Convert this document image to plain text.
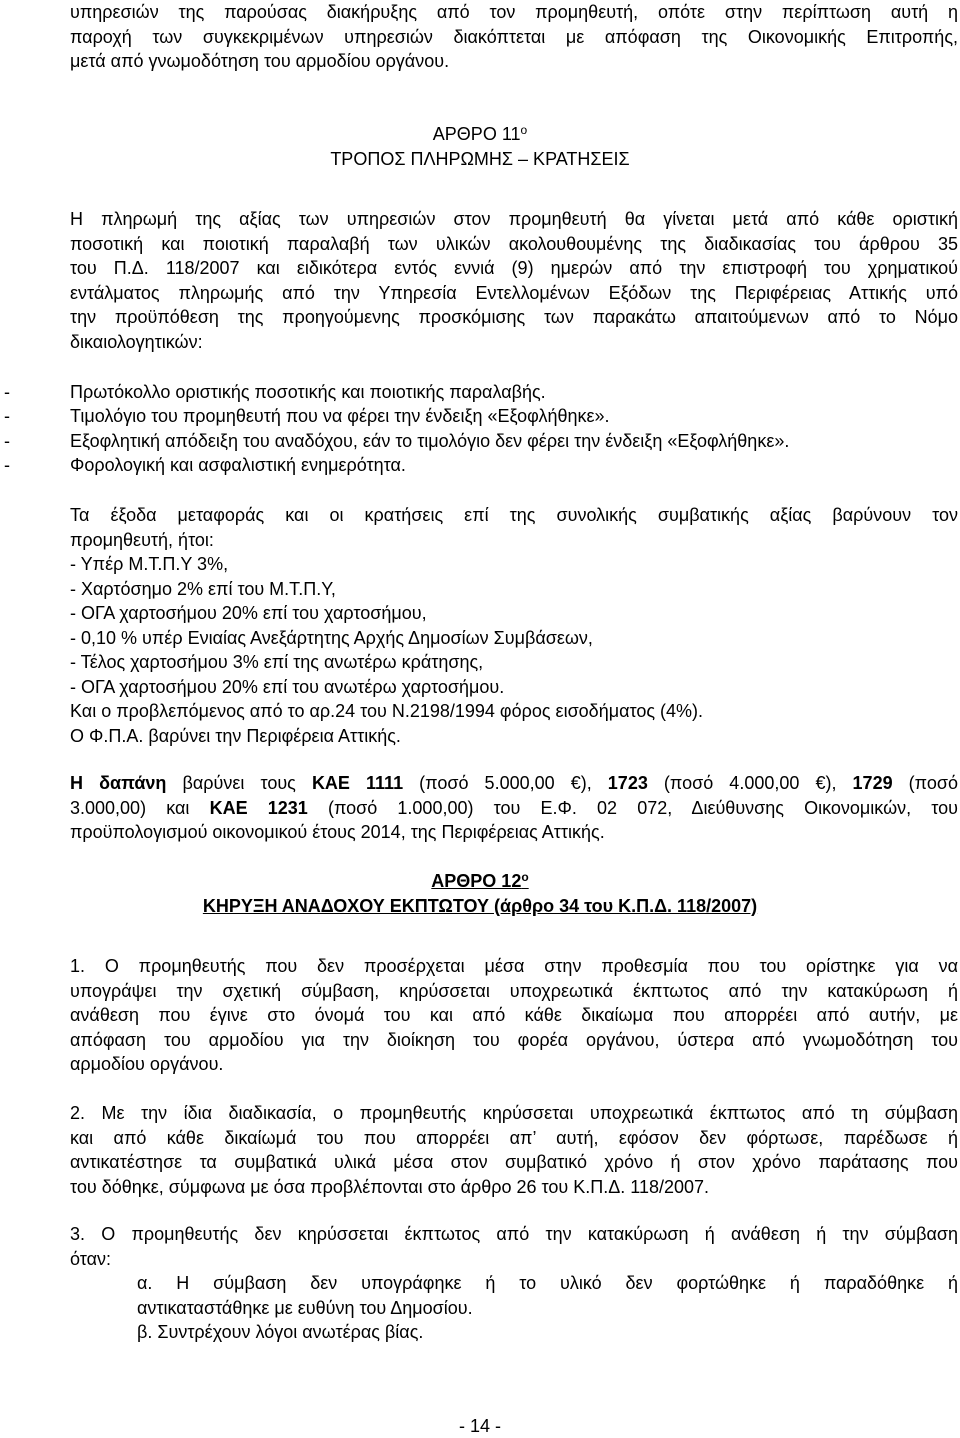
υπηρεσιών της παρούσας διακήρυξης από τον προμηθευτή, οπότε στην περίπτωση αυτή η
παροχή των συγκεκριμένων υπηρεσιών διακόπτεται με απόφαση της Οικονομικής Επιτροπής,
μετά από γνωμοδότηση του αρμοδίου οργάνου.
ΑΡΘΡΟ $11^o$
ΤΡΟΠΟΣ ΠΛΗΡΩΜΗΣ – ΚΡΑΤΗΣΕΙΣ
Η πληρωμή της αξίας των υπηρεσιών στον προμηθευτή θα γίνεται μετά από κάθε οριστική
ποσοτική και ποιοτική παραλαβή των υλικών ακολουθουμένης της διαδικασίας του άρθρου 35
του Π.Δ. 118/2007 και ειδικότερα εντός εννιά (9) ημερών από την επιστροφή του χρηματικού
εντάλματος πληρωμής από την Υπηρεσία Εντελλομένων Εξόδων της Περιφέρειας Αττικής υπό
την προϋπόθεση της προηγούμενης προσκόμισης των παρακάτω απαιτούμενων από το Νόμο
δικαιολογητικών:
-	Πρωτόκολλο οριστικής ποσοτικής και ποιοτικής παραλαβής.
-	Τιμολόγιο του προμηθευτή που να φέρει την ένδειξη «Εξοφλήθηκε».
-	Εξοφλητική απόδειξη του αναδόχου, εάν το τιμολόγιο δεν φέρει την ένδειξη «Εξοφλήθηκε».
-	Φορολογική και ασφαλιστική ενημερότητα.
Τα έξοδα μεταφοράς και οι κρατήσεις επί της συνολικής συμβατικής αξίας βαρύνουν τον
προμηθευτή, ήτοι:
- Υπέρ Μ.Τ.Π.Υ 3%,
- Χαρτόσημο 2% επί του Μ.Τ.Π.Υ,
- ΟΓΑ χαρτοσήμου 20% επί του χαρτοσήμου,
- 0,10 % υπέρ Ενιαίας Ανεξάρτητης Αρχής Δημοσίων Συμβάσεων,
- Τέλος χαρτοσήμου 3% επί της ανωτέρω κράτησης,
- ΟΓΑ χαρτοσήμου 20% επί του ανωτέρω χαρτοσήμου.
Και ο προβλεπόμενος από το αρ.24 του Ν.2198/1994 φόρος εισοδήματος (4%).
Ο Φ.Π.Α. βαρύνει την Περιφέρεια Αττικής.
Η δαπάνη βαρύνει τους ΚΑΕ 1111 (ποσό 5.000,00 €), 1723 (ποσό 4.000,00 €), 1729 (ποσό
3.000,00) και ΚΑΕ 1231 (ποσό 1.000,00) του Ε.Φ. 02 072, Διεύθυνσης Οικονομικών, του
προϋπολογισμού οικονομικού έτους 2014, της Περιφέρειας Αττικής.
ΑΡΘΡΟ $12^o$
ΚΗΡΥΞΗ ΑΝΑΔΟΧΟΥ ΕΚΠΤΩΤΟΥ (άρθρο 34 του Κ.Π.Δ. 118/2007)
1. Ο προμηθευτής που δεν προσέρχεται μέσα στην προθεσμία που του ορίστηκε για να
υπογράψει την σχετική σύμβαση, κηρύσσεται υποχρεωτικά έκπτωτος από την κατακύρωση ή
ανάθεση που έγινε στο όνομά του και από κάθε δικαίωμα που απορρέει από αυτήν, με
απόφαση του αρμοδίου για την διοίκηση του φορέα οργάνου, ύστερα από γνωμοδότηση του
αρμοδίου οργάνου.
2. Με την ίδια διαδικασία, ο προμηθευτής κηρύσσεται υποχρεωτικά έκπτωτος από τη σύμβαση
και από κάθε δικαίωμά του που απορρέει απ’ αυτή, εφόσον δεν φόρτωσε, παρέδωσε ή
αντικατέστησε τα συμβατικά υλικά μέσα στον συμβατικό χρόνο ή στον χρόνο παράτασης που
του δόθηκε, σύμφωνα με όσα προβλέπονται στο άρθρο 26 του Κ.Π.Δ. 118/2007.
3. Ο προμηθευτής δεν κηρύσσεται έκπτωτος από την κατακύρωση ή ανάθεση ή την σύμβαση
όταν:
α. Η σύμβαση δεν υπογράφηκε ή το υλικό δεν φορτώθηκε ή παραδόθηκε ή
αντικαταστάθηκε με ευθύνη του Δημοσίου.
β. Συντρέχουν λόγοι ανωτέρας βίας.
- 14 -
